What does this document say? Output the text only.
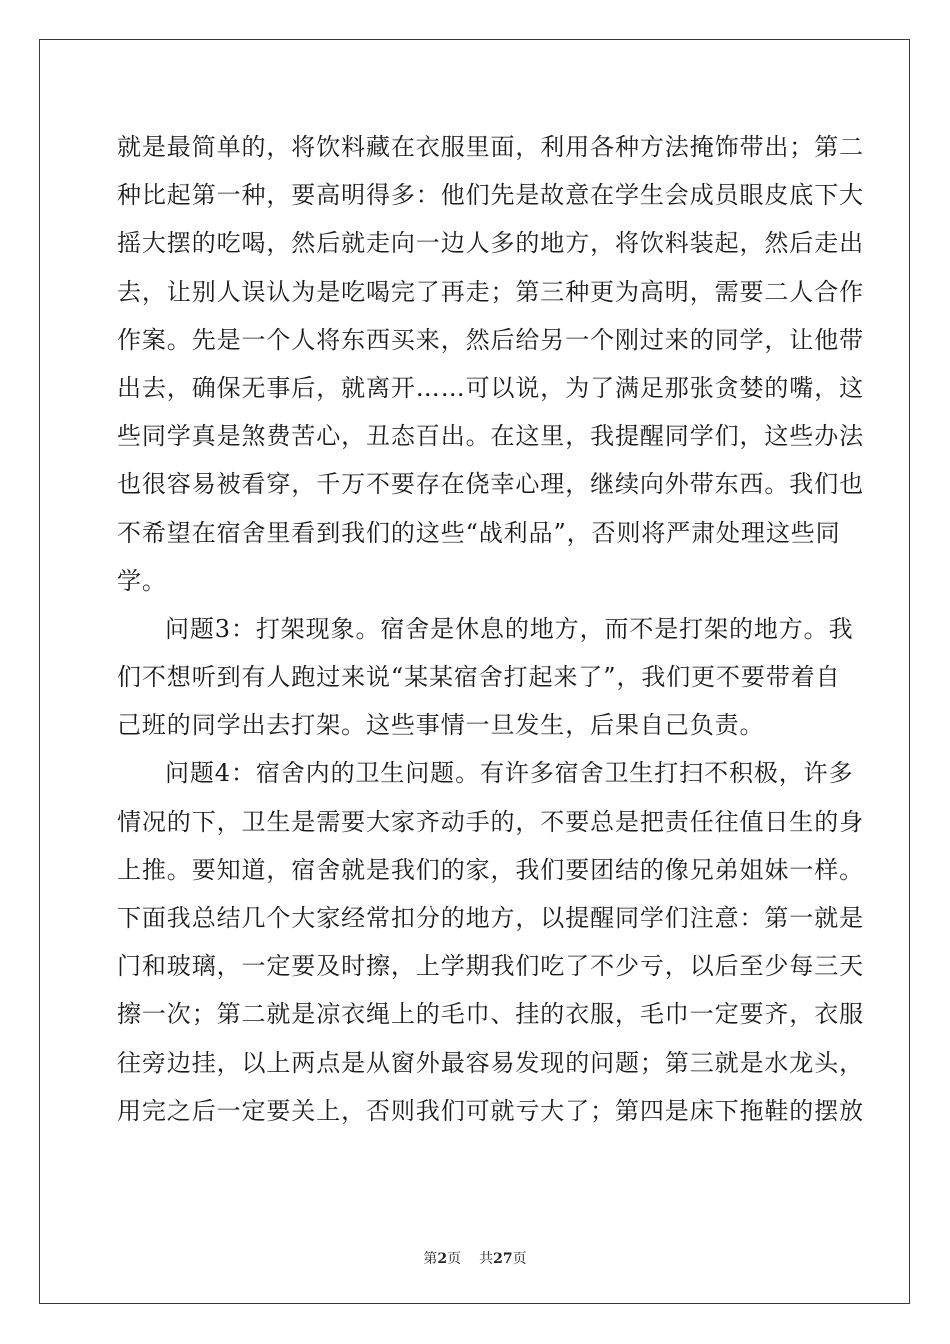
就是最简单的，将饮料藏在衣服里面，利用各种方法掩饰带出；第二
种比起第一种，要高明得多：他们先是故意在学生会成员眼皮底下大
摇大摆的吃喝，然后就走向一边人多的地方，将饮料装起，然后走出
去，让别人误认为是吃喝完了再走；第三种更为高明，需要二人合作
作案。先是一个人将东西买来，然后给另一个刚过来的同学，让他带
出去，确保无事后，就离开……可以说，为了满足那张贪婪的嘴，这
些同学真是煞费苦心，丑态百出。在这里，我提醒同学们，这些办法
也很容易被看穿，千万不要存在侥幸心理，继续向外带东西。我们也
不希望在宿舍里看到我们的这些“战利品”，否则将严肃处理这些同
学。
问题3：打架现象。宿舍是休息的地方，而不是打架的地方。我
们不想听到有人跑过来说“某某宿舍打起来了”，我们更不要带着自
己班的同学出去打架。这些事情一旦发生，后果自己负责。
问题4：宿舍内的卫生问题。有许多宿舍卫生打扫不积极，许多
情况的下，卫生是需要大家齐动手的，不要总是把责任往值日生的身
上推。要知道，宿舍就是我们的家，我们要团结的像兄弟姐妹一样。
下面我总结几个大家经常扣分的地方，以提醒同学们注意：第一就是
门和玻璃，一定要及时擦，上学期我们吃了不少亏，以后至少每三天
擦一次；第二就是凉衣绳上的毛巾、挂的衣服，毛巾一定要齐，衣服
往旁边挂，以上两点是从窗外最容易发现的问题；第三就是水龙头，
用完之后一定要关上，否则我们可就亏大了；第四是床下拖鞋的摆放
第2页 共27页
